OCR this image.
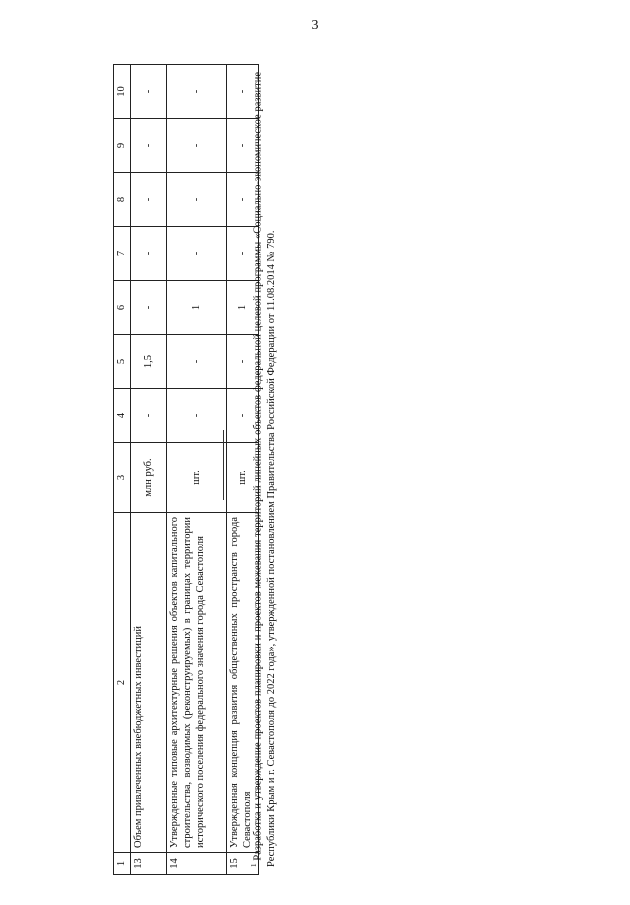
3
1	2	3	4	5	6	7	8	9	10
13	Объем привлеченных внебюджетных инвестиций	млн руб.	-	1,5	-	-	-	-	-
14	Утвержденные типовые архитектурные решения объектов капитального строительства, возводимых (реконструируемых) в границах территории исторического поселения федерального значения города Севастополя	шт.	-	-	1	-	-	-	-
15	Утвержденная концепция развития общественных пространств города Севастополя	шт.	-	-	1	-	-	-	-
$^1$ Разработка и утверждение проектов планировки и проектов межевания территорий линейных объектов федеральной целевой программы «Социально-экономическое развитие Республики Крым и г. Севастополя до 2022 года», утвержденной постановлением Правительства Российской Федерации от 11.08.2014 № 790.
